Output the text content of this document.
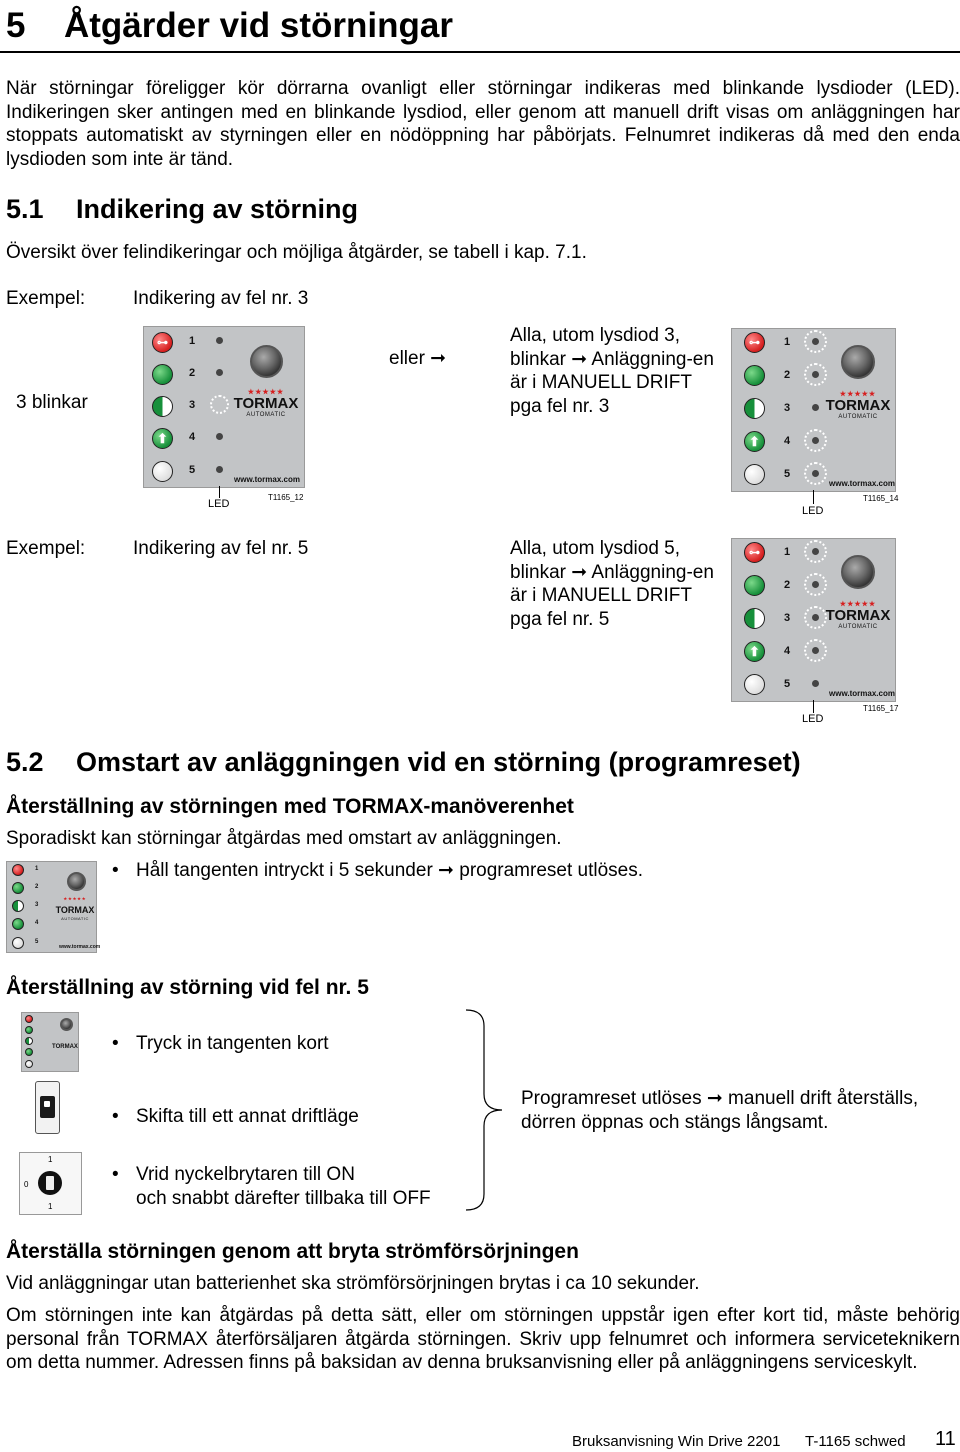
5 Åtgärder vid störningar
När störningar föreligger kör dörrarna ovanligt eller störningar indikeras med blinkande lysdioder (LED). Indikeringen sker antingen med en blinkande lysdiod, eller genom att manuell drift visas om anläggningen har stoppats automatiskt av styrningen eller en nödöppning har påbörjats. Felnumret indikeras då med den enda lysdioden som inte är tänd.
5.1 Indikering av störning
Översikt över felindikeringar och möjliga åtgärder, se tabell i kap. 7.1.
Exempel:	Indikering av fel nr. 3
3 blinkar
eller ➞
Alla, utom lysdiod 3, blinkar ➞ Anläggning-en är i MANUELL DRIFT pga fel nr. 3
⊶
⬆
1
2
3
4
5
★★★★★
TORMAX
AUTOMATIC
www.tormax.com
LED
T1165_12
⊶
⬆
1
2
3
4
5
★★★★★
TORMAX
AUTOMATIC
www.tormax.com
LED
T1165_14
Exempel:	Indikering av fel nr. 5	Alla, utom lysdiod 5, blinkar ➞ Anläggning-en är i MANUELL DRIFT pga fel nr. 5
⊶
⬆
1
2
3
4
5
★★★★★
TORMAX
AUTOMATIC
www.tormax.com
LED
T1165_17
5.2 Omstart av anläggningen vid en störning (programreset)
Återställning av störningen med TORMAX-manöverenhet
Sporadiskt kan störningar åtgärdas med omstart av anläggningen.
1
2
3
4
5
★★★★★
TORMAX
AUTOMATIC
www.tormax.com
• Håll tangenten intryckt i 5 sekunder ➞ programreset utlöses.
Återställning av störning vid fel nr. 5
TORMAX
1
0
1
• Tryck in tangenten kort
• Skifta till ett annat driftläge
• Vrid nyckelbrytaren till ON
och snabbt därefter tillbaka till OFF
Programreset utlöses ➞ manuell drift återställs, dörren öppnas och stängs långsamt.
Återställa störningen genom att bryta strömförsörjningen
Vid anläggningar utan batterienhet ska strömförsörjningen brytas i ca 10 sekunder.
Om störningen inte kan åtgärdas på detta sätt, eller om störningen uppstår igen efter kort tid, måste behörig personal från TORMAX återförsäljaren åtgärda störningen. Skriv upp felnumret och informera serviceteknikern om detta nummer. Adressen finns på baksidan av denna bruksanvisning eller på anläggningens serviceskylt.
Bruksanvisning Win Drive 2201 T-1165 schwed 11
